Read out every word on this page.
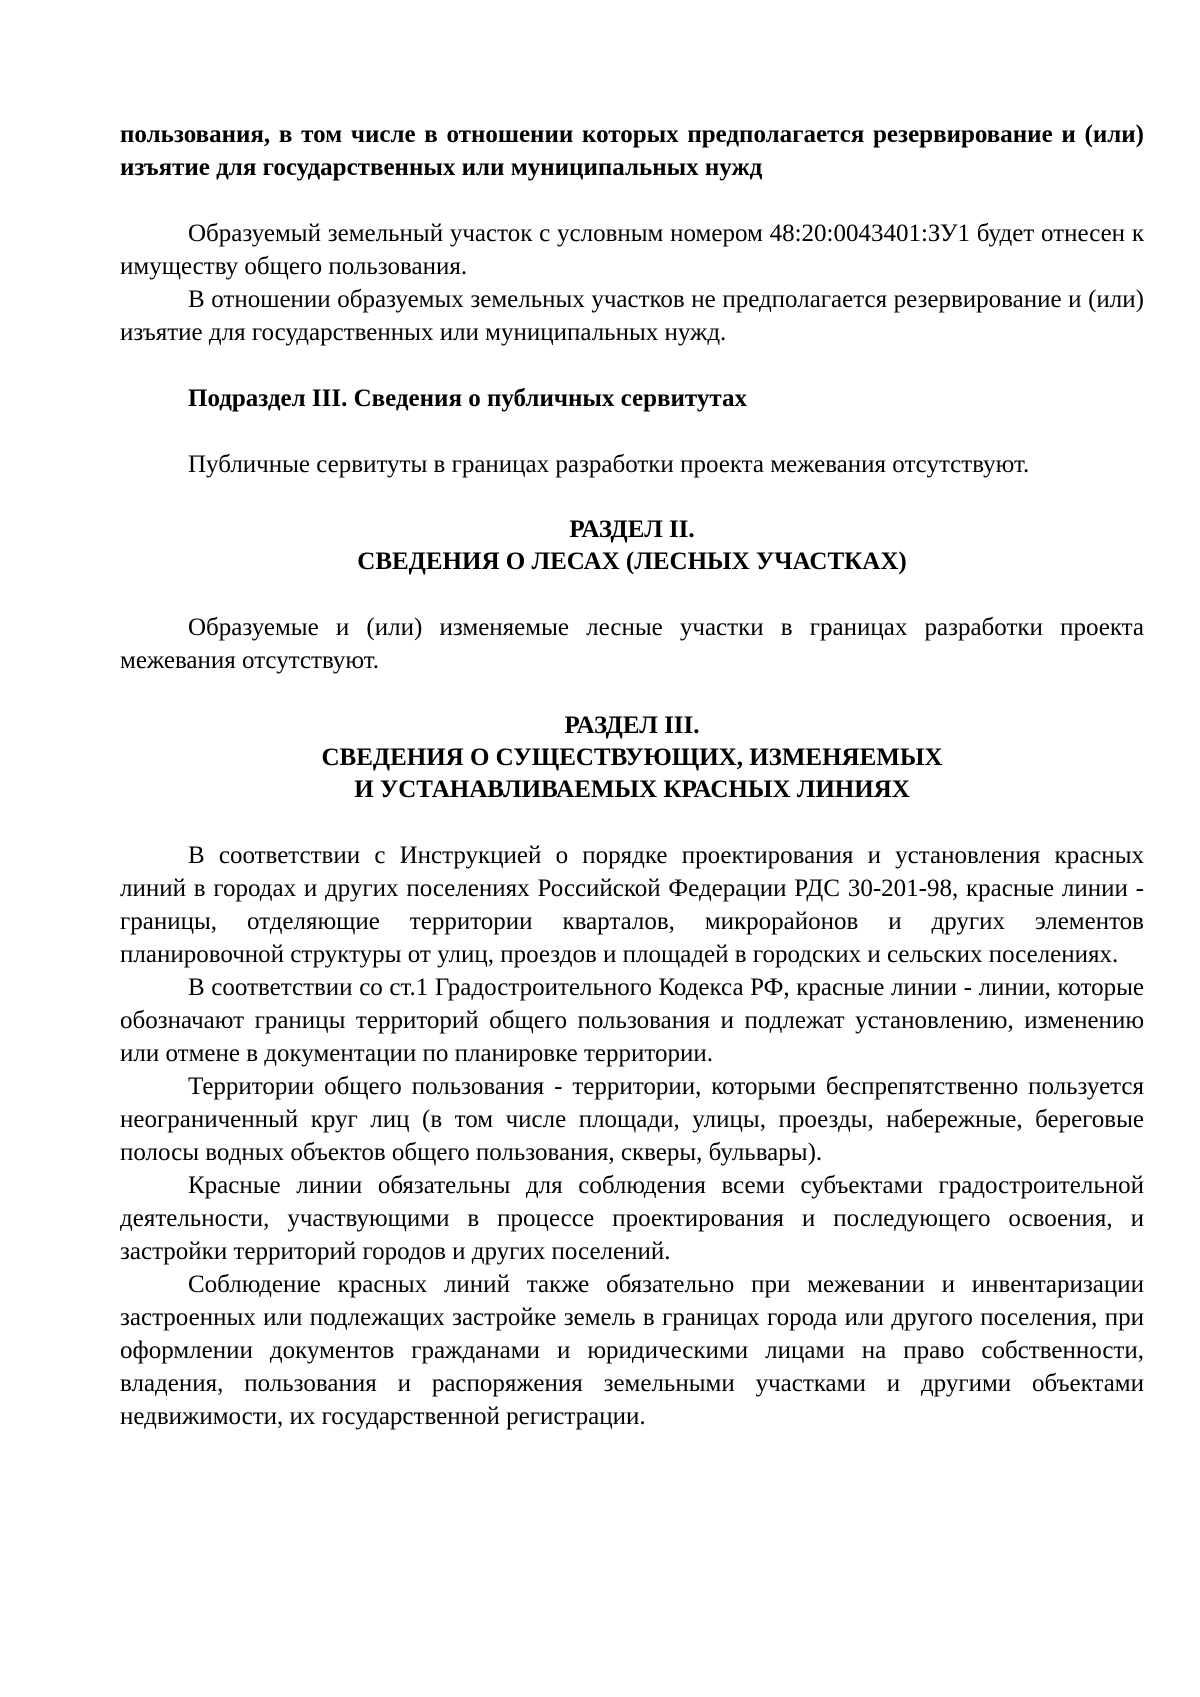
пользования, в том числе в отношении которых предполагается резервирование и (или) изъятие для государственных или муниципальных нужд

Образуемый земельный участок с условным номером 48:20:0043401:ЗУ1 будет отнесен к имуществу общего пользования.

В отношении образуемых земельных участков не предполагается резервирование и (или) изъятие для государственных или муниципальных нужд.

Подраздел III. Сведения о публичных сервитутах

Публичные сервитуты в границах разработки проекта межевания отсутствуют.

РАЗДЕЛ II.

СВЕДЕНИЯ О ЛЕСАХ (ЛЕСНЫХ УЧАСТКАХ)

Образуемые и (или) изменяемые лесные участки в границах разработки проекта межевания отсутствуют.

РАЗДЕЛ III.

СВЕДЕНИЯ О СУЩЕСТВУЮЩИХ, ИЗМЕНЯЕМЫХ

И УСТАНАВЛИВАЕМЫХ КРАСНЫХ ЛИНИЯХ

В соответствии с Инструкцией о порядке проектирования и установления красных линий в городах и других поселениях Российской Федерации РДС 30-201-98, красные линии - границы, отделяющие территории кварталов, микрорайонов и других элементов планировочной структуры от улиц, проездов и площадей в городских и сельских поселениях.

В соответствии со ст.1 Градостроительного Кодекса РФ, красные линии - линии, которые обозначают границы территорий общего пользования и подлежат установлению, изменению или отмене в документации по планировке территории.

Территории общего пользования - территории, которыми беспрепятственно пользуется неограниченный круг лиц (в том числе площади, улицы, проезды, набережные, береговые полосы водных объектов общего пользования, скверы, бульвары).

Красные линии обязательны для соблюдения всеми субъектами градостроительной деятельности, участвующими в процессе проектирования и последующего освоения, и застройки территорий городов и других поселений.

Соблюдение красных линий также обязательно при межевании и инвентаризации застроенных или подлежащих застройке земель в границах города или другого поселения, при оформлении документов гражданами и юридическими лицами на право собственности, владения, пользования и распоряжения земельными участками и другими объектами недвижимости, их государственной регистрации.
